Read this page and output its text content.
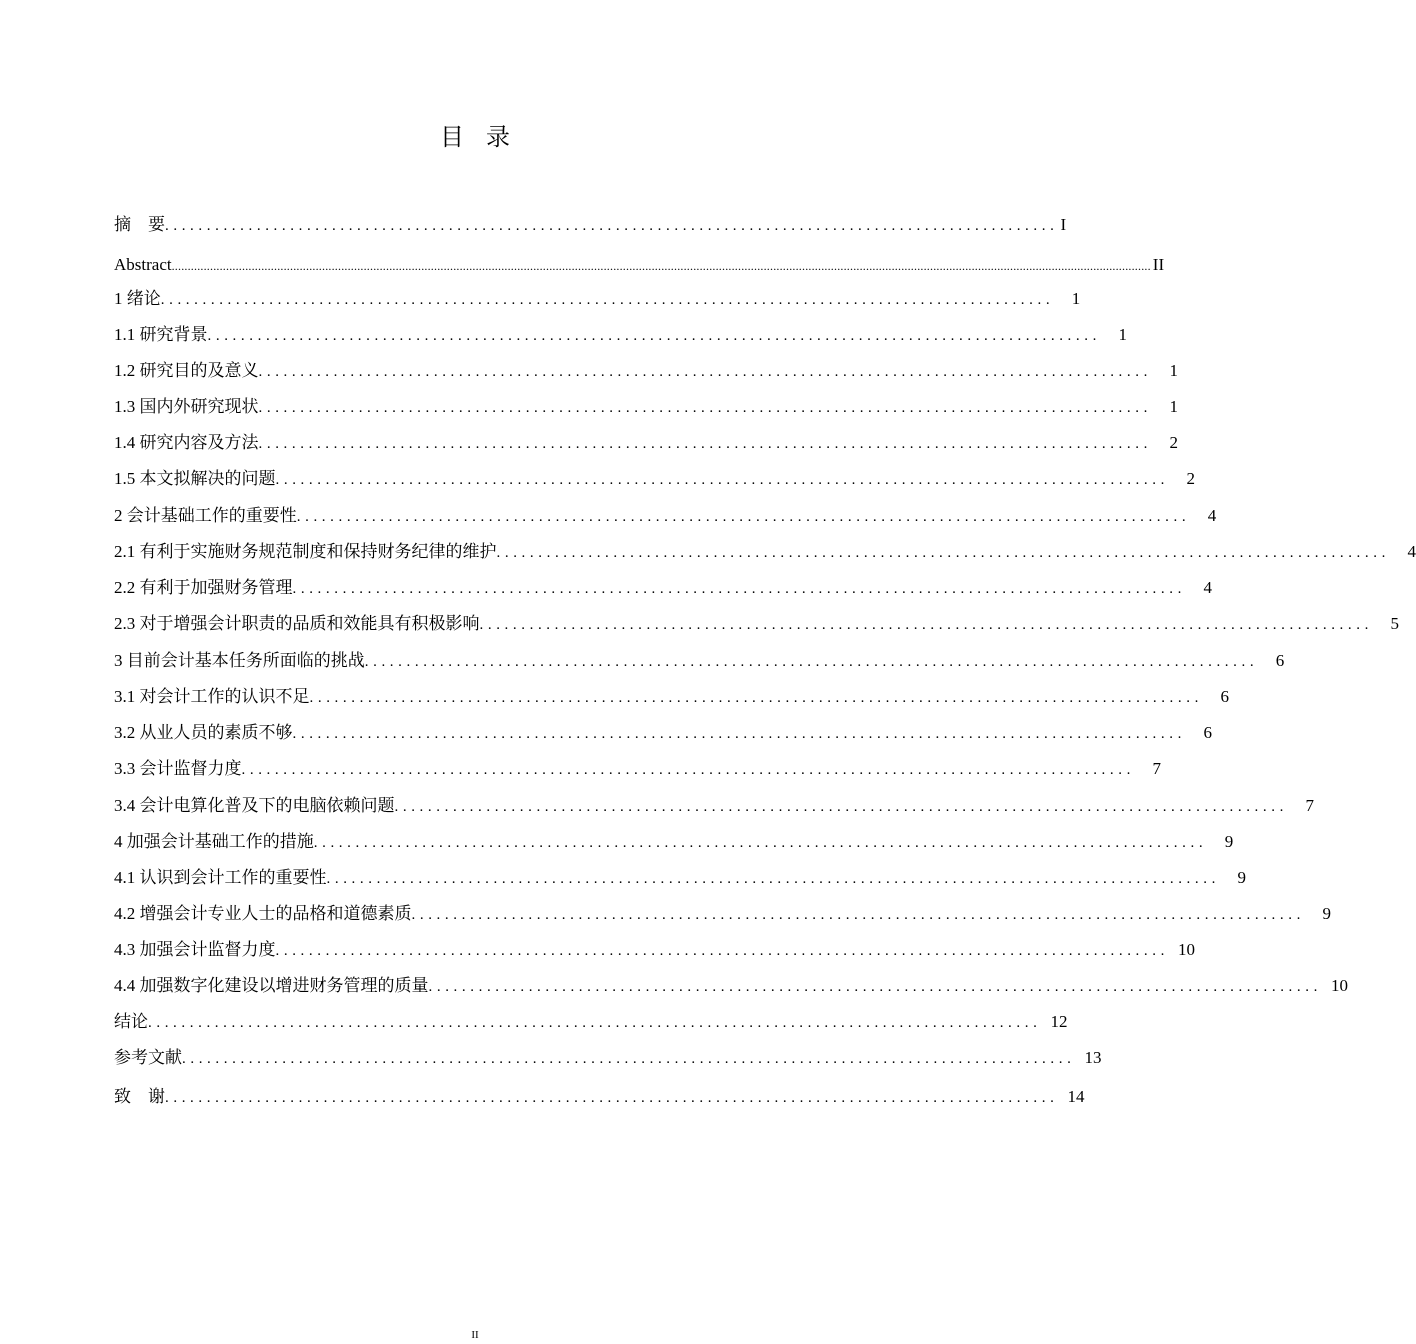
目录
摘　要 ........................................................................................................... I
Abstract .................................................................................................................................................................................................................................................................................................................. II
1 绪论 ...........................................................................................................	1
1.1 研究背景 ...........................................................................................................	1
1.2 研究目的及意义 ...........................................................................................................	1
1.3 国内外研究现状 ...........................................................................................................	1
1.4 研究内容及方法 ...........................................................................................................	2
1.5 本文拟解决的问题 ...........................................................................................................	2
2 会计基础工作的重要性 ...........................................................................................................	4
2.1 有利于实施财务规范制度和保持财务纪律的维护 ...........................................................................................................	4
2.2 有利于加强财务管理 ...........................................................................................................	4
2.3 对于增强会计职责的品质和效能具有积极影响 ...........................................................................................................	5
3 目前会计基本任务所面临的挑战 ...........................................................................................................	6
3.1 对会计工作的认识不足 ...........................................................................................................	6
3.2 从业人员的素质不够 ...........................................................................................................	6
3.3 会计监督力度 ...........................................................................................................	7
3.4 会计电算化普及下的电脑依赖问题 ...........................................................................................................	7
4 加强会计基础工作的措施 ...........................................................................................................	9
4.1 认识到会计工作的重要性 ...........................................................................................................	9
4.2 增强会计专业人士的品格和道德素质 ...........................................................................................................	9
4.3 加强会计监督力度 ........................................................................................................... 10
4.4 加强数字化建设以增进财务管理的质量 ........................................................................................................... 10
结论 ........................................................................................................... 12
参考文献 ........................................................................................................... 13
致　谢 ........................................................................................................... 14
II
